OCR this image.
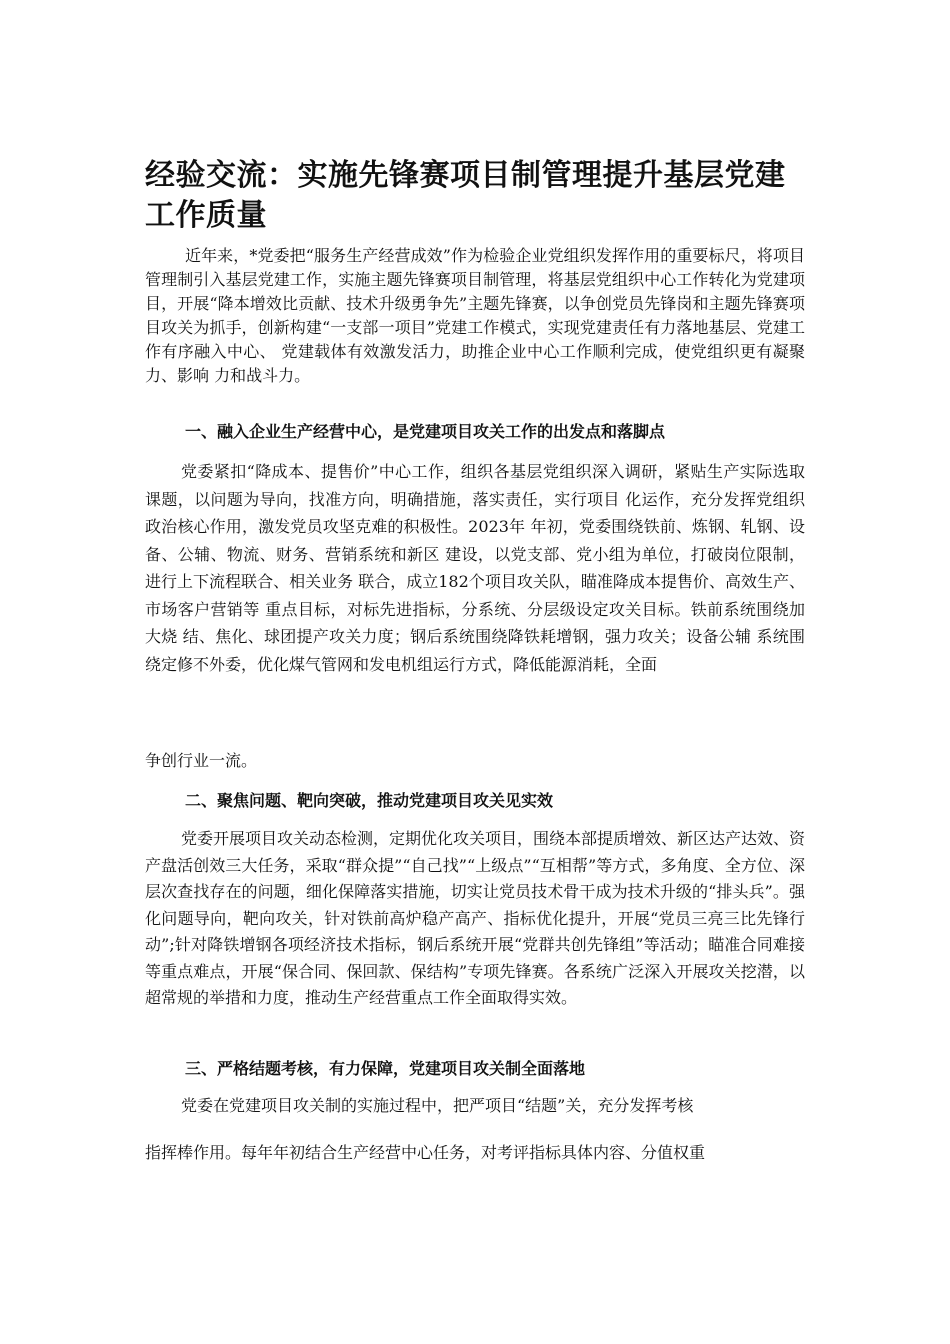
经验交流：实施先锋赛项目制管理提升基层党建工作质量

近年来，*党委把“服务生产经营成效”作为检验企业党组织发挥作用的重要标尺，将项目管理制引入基层党建工作，实施主题先锋赛项目制管理，将基层党组织中心工作转化为党建项目，开展“降本增效比贡献、技术升级勇争先”主题先锋赛，以争创党员先锋岗和主题先锋赛项目攻关为抓手，创新构建“一支部一项目”党建工作模式，实现党建责任有力落地基层、党建工作有序融入中心、 党建载体有效激发活力，助推企业中心工作顺利完成，使党组织更有凝聚力、影响 力和战斗力。

一、融入企业生产经营中心，是党建项目攻关工作的出发点和落脚点

党委紧扣“降成本、提售价”中心工作，组织各基层党组织深入调研，紧贴生产实际选取课题，以问题为导向，找准方向，明确措施，落实责任，实行项目 化运作，充分发挥党组织政治核心作用，激发党员攻坚克难的积极性。2023年 年初，党委围绕铁前、炼钢、轧钢、设备、公辅、物流、财务、营销系统和新区 建设，以党支部、党小组为单位，打破岗位限制，进行上下流程联合、相关业务 联合，成立182个项目攻关队，瞄准降成本提售价、高效生产、市场客户营销等 重点目标，对标先进指标，分系统、分层级设定攻关目标。铁前系统围绕加大烧 结、焦化、球团提产攻关力度；钢后系统围绕降铁耗增钢，强力攻关；设备公辅 系统围绕定修不外委，优化煤气管网和发电机组运行方式，降低能源消耗，全面

争创行业一流。

二、聚焦问题、靶向突破，推动党建项目攻关见实效

党委开展项目攻关动态检测，定期优化攻关项目，围绕本部提质增效、新区达产达效、资产盘活创效三大任务，采取“群众提”“自己找”“上级点”“互相帮”等方式，多角度、全方位、深层次查找存在的问题，细化保障落实措施，切实让党员技术骨干成为技术升级的“排头兵”。强化问题导向，靶向攻关，针对铁前高炉稳产高产、指标优化提升，开展“党员三亮三比先锋行动”;针对降铁增钢各项经济技术指标，钢后系统开展“党群共创先锋组”等活动；瞄准合同难接等重点难点，开展“保合同、保回款、保结构”专项先锋赛。各系统广泛深入开展攻关挖潜，以超常规的举措和力度，推动生产经营重点工作全面取得实效。

三、严格结题考核，有力保障，党建项目攻关制全面落地

党委在党建项目攻关制的实施过程中，把严项目“结题”关，充分发挥考核

指挥棒作用。每年年初结合生产经营中心任务，对考评指标具体内容、分值权重
